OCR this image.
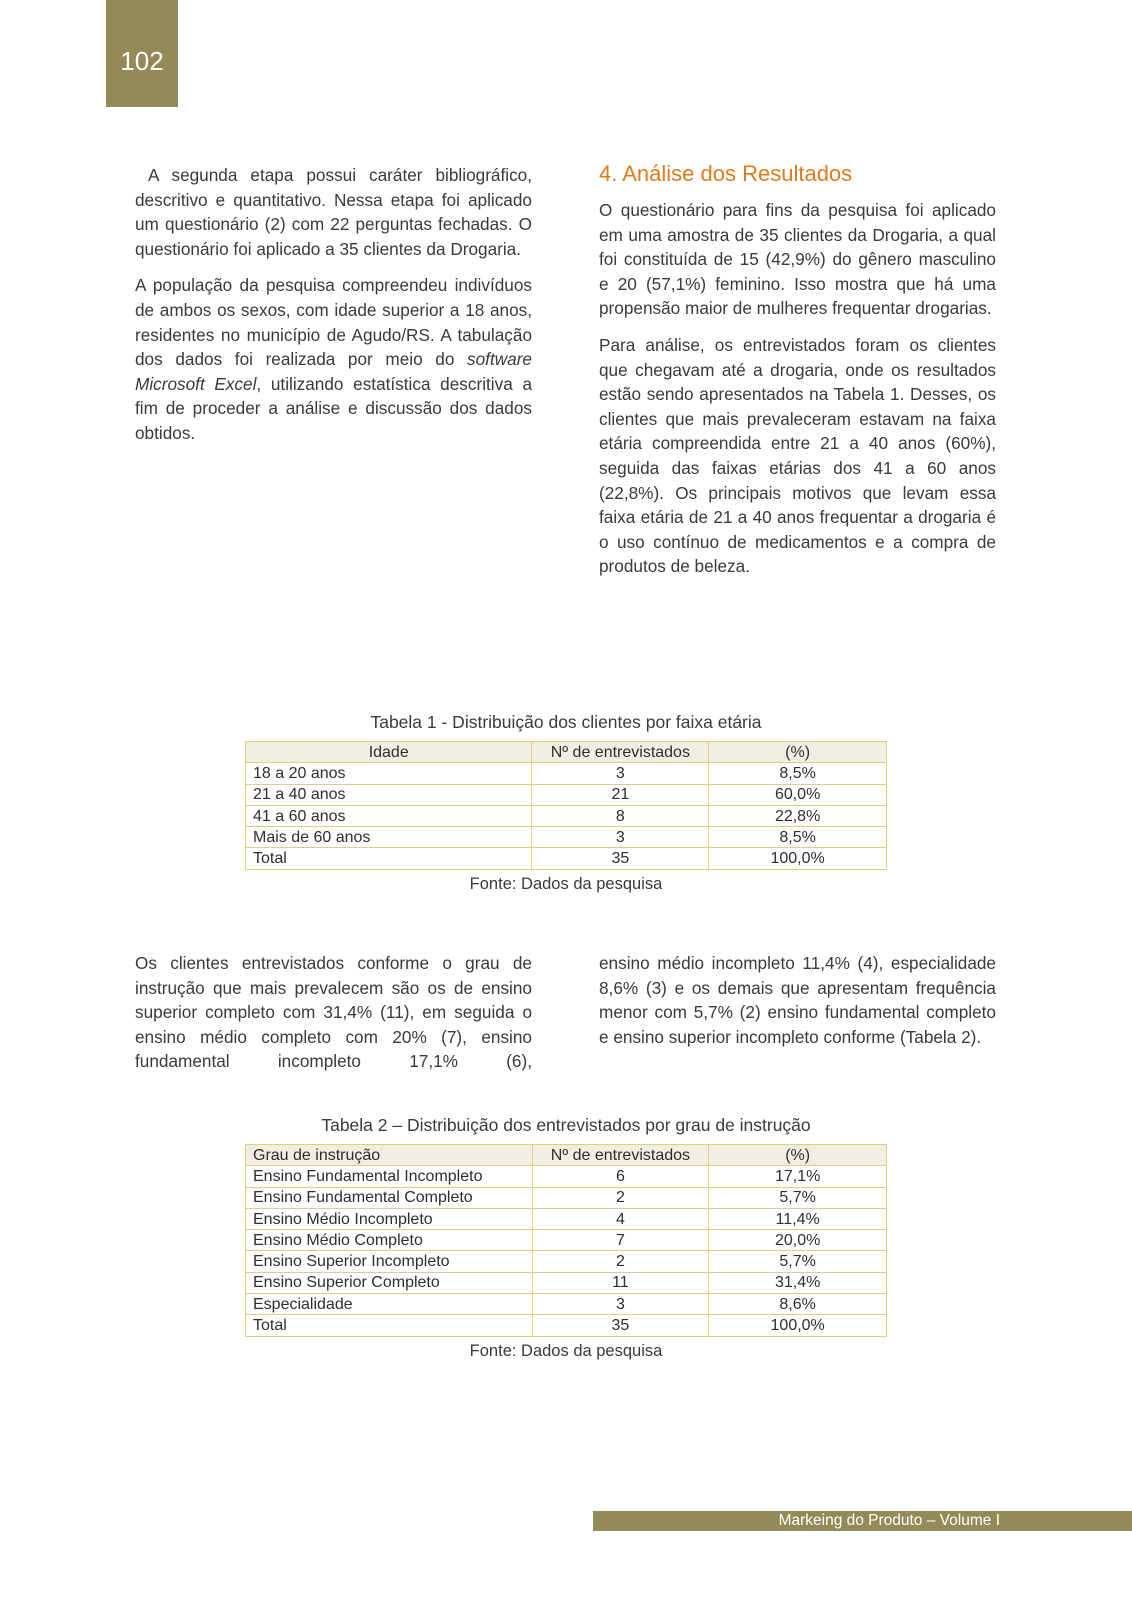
102

A segunda etapa possui caráter bibliográfico, descritivo e quantitativo. Nessa etapa foi aplicado um questionário (2) com 22 perguntas fechadas. O questionário foi aplicado a 35 clientes da Drogaria.

A população da pesquisa compreendeu indivíduos de ambos os sexos, com idade superior a 18 anos, residentes no município de Agudo/RS. A tabulação dos dados foi realizada por meio do software Microsoft Excel, utilizando estatística descritiva a fim de proceder a análise e discussão dos dados obtidos.

4. Análise dos Resultados

O questionário para fins da pesquisa foi aplicado em uma amostra de 35 clientes da Drogaria, a qual foi constituída de 15 (42,9%) do gênero masculino e 20 (57,1%) feminino. Isso mostra que há uma propensão maior de mulheres frequentar drogarias.

Para análise, os entrevistados foram os clientes que chegavam até a drogaria, onde os resultados estão sendo apresentados na Tabela 1. Desses, os clientes que mais prevaleceram estavam na faixa etária compreendida entre 21 a 40 anos (60%), seguida das faixas etárias dos 41 a 60 anos (22,8%). Os principais motivos que levam essa faixa etária de 21 a 40 anos frequentar a drogaria é o uso contínuo de medicamentos e a compra de produtos de beleza.

Tabela 1 - Distribuição dos clientes por faixa etária
Idade	Nº de entrevistados	(%)
18 a 20 anos	3	8,5%
21 a 40 anos	21	60,0%
41 a 60 anos	8	22,8%
Mais de 60 anos	3	8,5%
Total	35	100,0%
Fonte: Dados da pesquisa

Os clientes entrevistados conforme o grau de instrução que mais prevalecem são os de ensino superior completo com 31,4% (11), em seguida o ensino médio completo com 20% (7), ensino fundamental incompleto 17,1% (6),

ensino médio incompleto 11,4% (4), especialidade 8,6% (3) e os demais que apresentam frequência menor com 5,7% (2) ensino fundamental completo e ensino superior incompleto conforme (Tabela 2).

Tabela 2 – Distribuição dos entrevistados por grau de instrução
Grau de instrução	Nº de entrevistados	(%)
Ensino Fundamental Incompleto	6	17,1%
Ensino Fundamental Completo	2	5,7%
Ensino Médio Incompleto	4	11,4%
Ensino Médio Completo	7	20,0%
Ensino Superior Incompleto	2	5,7%
Ensino Superior Completo	11	31,4%
Especialidade	3	8,6%
Total	35	100,0%
Fonte: Dados da pesquisa
Markeing do Produto – Volume I
